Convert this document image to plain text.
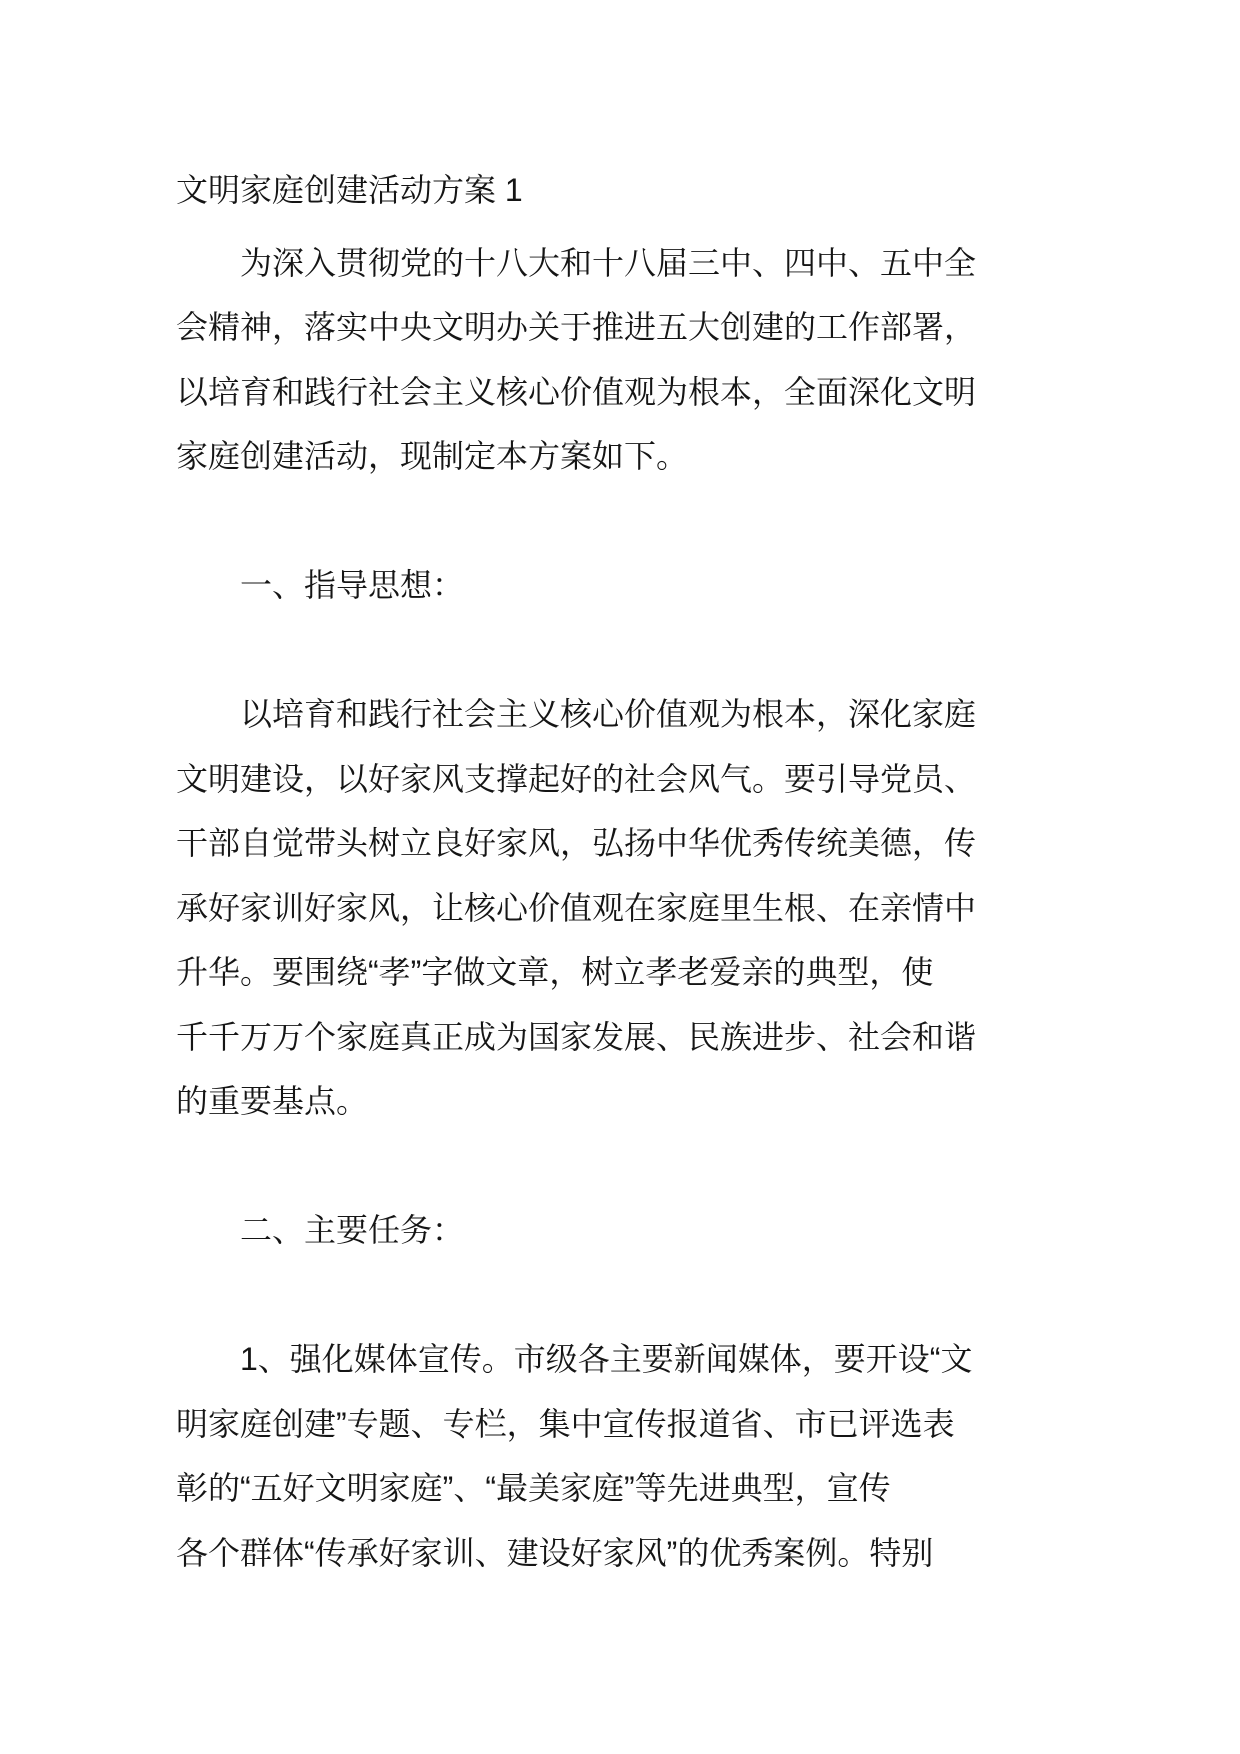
文明家庭创建活动方案 1
为深入贯彻党的十八大和十八届三中、四中、五中全
会精神，落实中央文明办关于推进五大创建的工作部署，
以培育和践行社会主义核心价值观为根本，全面深化文明
家庭创建活动，现制定本方案如下。
一、指导思想：
以培育和践行社会主义核心价值观为根本，深化家庭
文明建设，以好家风支撑起好的社会风气。要引导党员、
干部自觉带头树立良好家风，弘扬中华优秀传统美德，传
承好家训好家风，让核心价值观在家庭里生根、在亲情中
升华。要围绕“孝”字做文章，树立孝老爱亲的典型，使
千千万万个家庭真正成为国家发展、民族进步、社会和谐
的重要基点。
二、主要任务：
1、强化媒体宣传。市级各主要新闻媒体，要开设“文
明家庭创建”专题、专栏，集中宣传报道省、市已评选表
彰的“五好文明家庭”、“最美家庭”等先进典型，宣传
各个群体“传承好家训、建设好家风”的优秀案例。特别
